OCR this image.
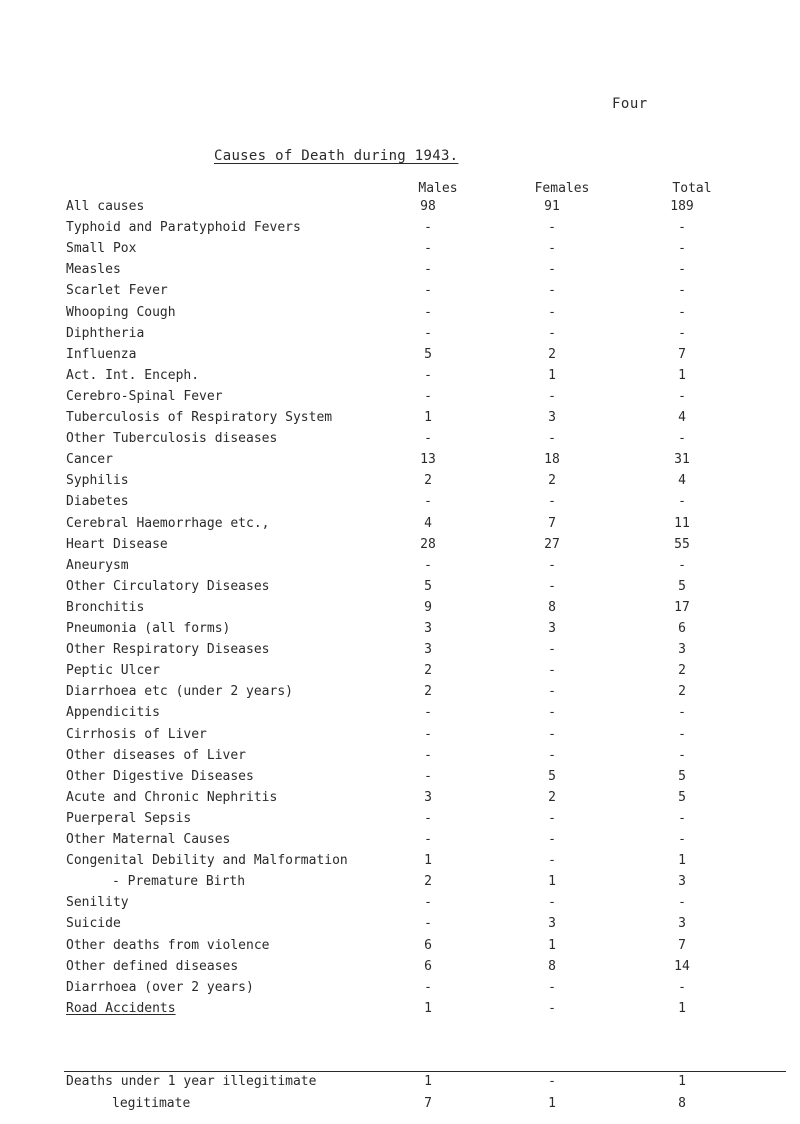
Four
Causes of Death during 1943.
Males	Females	Total
All causes	98	91	189
Typhoid and Paratyphoid Fevers	-	-	-
Small Pox	-	-	-
Measles	-	-	-
Scarlet Fever	-	-	-
Whooping Cough	-	-	-
Diphtheria	-	-	-
Influenza	5	2	7
Act. Int. Enceph.	-	1	1
Cerebro-Spinal Fever	-	-	-
Tuberculosis of Respiratory System	1	3	4
Other Tuberculosis diseases	-	-	-
Cancer	13	18	31
Syphilis	2	2	4
Diabetes	-	-	-
Cerebral Haemorrhage etc.,	4	7	11
Heart Disease	28	27	55
Aneurysm	-	-	-
Other Circulatory Diseases	5	-	5
Bronchitis	9	8	17
Pneumonia (all forms)	3	3	6
Other Respiratory Diseases	3	-	3
Peptic Ulcer	2	-	2
Diarrhoea etc (under 2 years)	2	-	2
Appendicitis	-	-	-
Cirrhosis of Liver	-	-	-
Other diseases of Liver	-	-	-
Other Digestive Diseases	-	5	5
Acute and Chronic Nephritis	3	2	5
Puerperal Sepsis	-	-	-
Other Maternal Causes	-	-	-
Congenital Debility and Malformation	1	-	1
- Premature Birth	2	1	3
Senility	-	-	-
Suicide	-	3	3
Other deaths from violence	6	1	7
Other defined diseases	6	8	14
Diarrhoea (over 2 years)	-	-	-
Road Accidents	1	-	1
Deaths under 1 year illegitimate	1	-	1
legitimate	7	1	8
